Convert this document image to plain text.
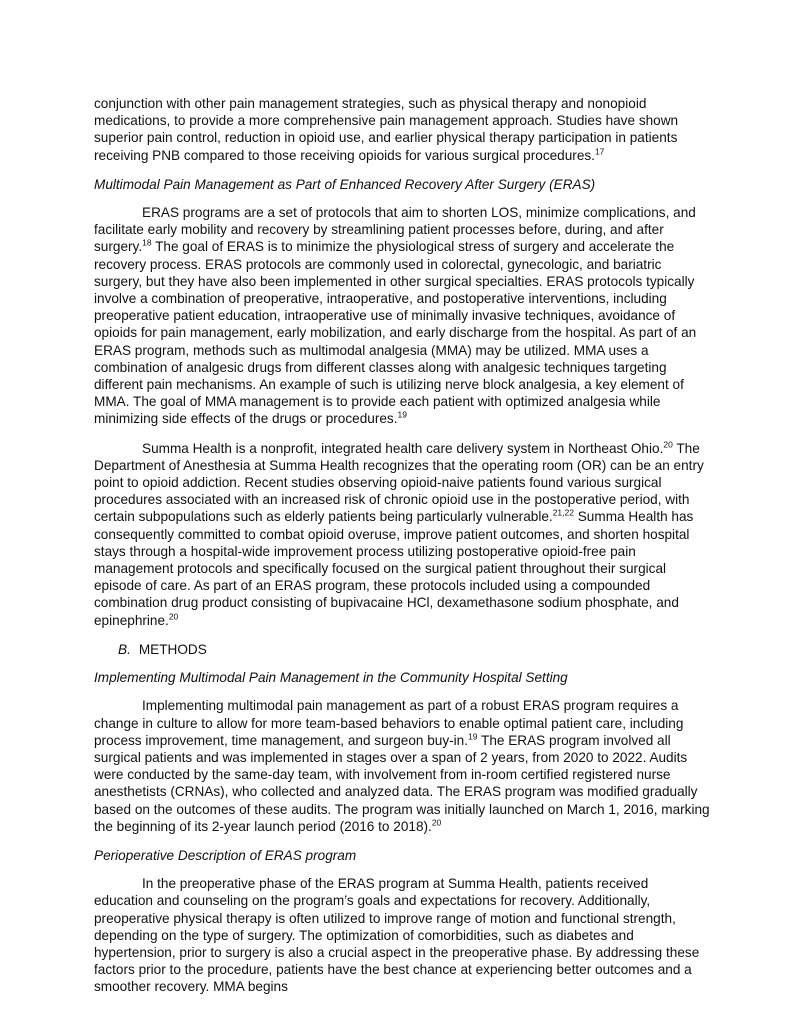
conjunction with other pain management strategies, such as physical therapy and nonopioid medications, to provide a more comprehensive pain management approach. Studies have shown superior pain control, reduction in opioid use, and earlier physical therapy participation in patients receiving PNB compared to those receiving opioids for various surgical procedures.$^{17}$

Multimodal Pain Management as Part of Enhanced Recovery After Surgery (ERAS)

ERAS programs are a set of protocols that aim to shorten LOS, minimize complications, and facilitate early mobility and recovery by streamlining patient processes before, during, and after surgery.$^{18}$ The goal of ERAS is to minimize the physiological stress of surgery and accelerate the recovery process. ERAS protocols are commonly used in colorectal, gynecologic, and bariatric surgery, but they have also been implemented in other surgical specialties. ERAS protocols typically involve a combination of preoperative, intraoperative, and postoperative interventions, including preoperative patient education, intraoperative use of minimally invasive techniques, avoidance of opioids for pain management, early mobilization, and early discharge from the hospital. As part of an ERAS program, methods such as multimodal analgesia (MMA) may be utilized. MMA uses a combination of analgesic drugs from different classes along with analgesic techniques targeting different pain mechanisms. An example of such is utilizing nerve block analgesia, a key element of MMA. The goal of MMA management is to provide each patient with optimized analgesia while minimizing side effects of the drugs or procedures.$^{19}$

Summa Health is a nonprofit, integrated health care delivery system in Northeast Ohio.$^{20}$ The Department of Anesthesia at Summa Health recognizes that the operating room (OR) can be an entry point to opioid addiction. Recent studies observing opioid-naive patients found various surgical procedures associated with an increased risk of chronic opioid use in the postoperative period, with certain subpopulations such as elderly patients being particularly vulnerable.$^{21,22}$ Summa Health has consequently committed to combat opioid overuse, improve patient outcomes, and shorten hospital stays through a hospital-wide improvement process utilizing postoperative opioid-free pain management protocols and specifically focused on the surgical patient throughout their surgical episode of care. As part of an ERAS program, these protocols included using a compounded combination drug product consisting of bupivacaine HCl, dexamethasone sodium phosphate, and epinephrine.$^{20}$

B. METHODS
Implementing Multimodal Pain Management in the Community Hospital Setting

Implementing multimodal pain management as part of a robust ERAS program requires a change in culture to allow for more team-based behaviors to enable optimal patient care, including process improvement, time management, and surgeon buy-in.$^{19}$ The ERAS program involved all surgical patients and was implemented in stages over a span of 2 years, from 2020 to 2022. Audits were conducted by the same-day team, with involvement from in-room certified registered nurse anesthetists (CRNAs), who collected and analyzed data. The ERAS program was modified gradually based on the outcomes of these audits. The program was initially launched on March 1, 2016, marking the beginning of its 2-year launch period (2016 to 2018).$^{20}$

Perioperative Description of ERAS program

In the preoperative phase of the ERAS program at Summa Health, patients received education and counseling on the program’s goals and expectations for recovery. Additionally, preoperative physical therapy is often utilized to improve range of motion and functional strength, depending on the type of surgery. The optimization of comorbidities, such as diabetes and hypertension, prior to surgery is also a crucial aspect in the preoperative phase. By addressing these factors prior to the procedure, patients have the best chance at experiencing better outcomes and a smoother recovery. MMA begins
